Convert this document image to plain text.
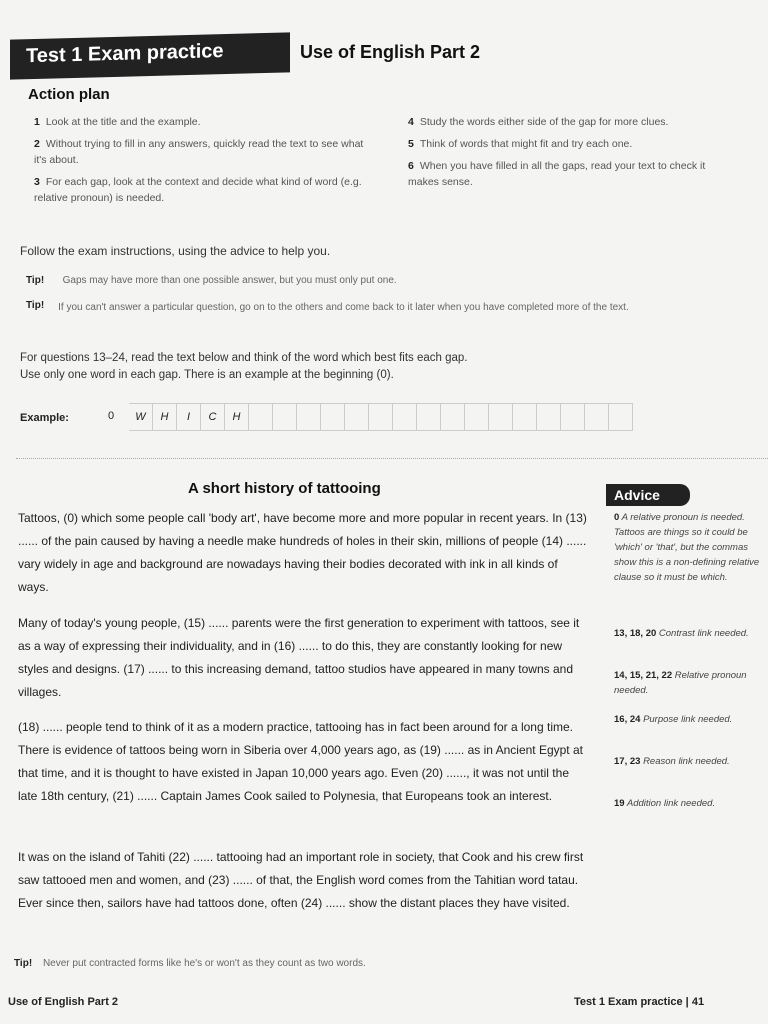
Test 1 Exam practice	Use of English Part 2
Action plan
1 Look at the title and the example.
2 Without trying to fill in any answers, quickly read the text to see what it's about.
3 For each gap, look at the context and decide what kind of word (e.g. relative pronoun) is needed.
4 Study the words either side of the gap for more clues.
5 Think of words that might fit and try each one.
6 When you have filled in all the gaps, read your text to check it makes sense.
Follow the exam instructions, using the advice to help you.
Tip! Gaps may have more than one possible answer, but you must only put one.
Tip! If you can't answer a particular question, go on to the others and come back to it later when you have completed more of the text.
For questions 13–24, read the text below and think of the word which best fits each gap.
Use only one word in each gap. There is an example at the beginning (0).
Example:	0	W	H	I	C	H
A short history of tattooing
Tattoos, (0) which some people call 'body art', have become more and more popular in recent years. In (13) ...... of the pain caused by having a needle make hundreds of holes in their skin, millions of people (14) ...... vary widely in age and background are nowadays having their bodies decorated with ink in all kinds of ways.
Many of today's young people, (15) ...... parents were the first generation to experiment with tattoos, see it as a way of expressing their individuality, and in (16) ...... to do this, they are constantly looking for new styles and designs. (17) ...... to this increasing demand, tattoo studios have appeared in many towns and villages.
(18) ...... people tend to think of it as a modern practice, tattooing has in fact been around for a long time. There is evidence of tattoos being worn in Siberia over 4,000 years ago, as (19) ...... as in Ancient Egypt at that time, and it is thought to have existed in Japan 10,000 years ago. Even (20) ......, it was not until the late 18th century, (21) ...... Captain James Cook sailed to Polynesia, that Europeans took an interest.
It was on the island of Tahiti (22) ...... tattooing had an important role in society, that Cook and his crew first saw tattooed men and women, and (23) ...... of that, the English word comes from the Tahitian word tatau. Ever since then, sailors have had tattoos done, often (24) ...... show the distant places they have visited.
Advice
0 A relative pronoun is needed. Tattoos are things so it could be 'which' or 'that', but the commas show this is a non-defining relative clause so it must be which.
13, 18, 20 Contrast link needed.
14, 15, 21, 22 Relative pronoun needed.
16, 24 Purpose link needed.
17, 23 Reason link needed.
19 Addition link needed.
Tip! Never put contracted forms like he's or won't as they count as two words.
Use of English Part 2	Test 1 Exam practice | 41
